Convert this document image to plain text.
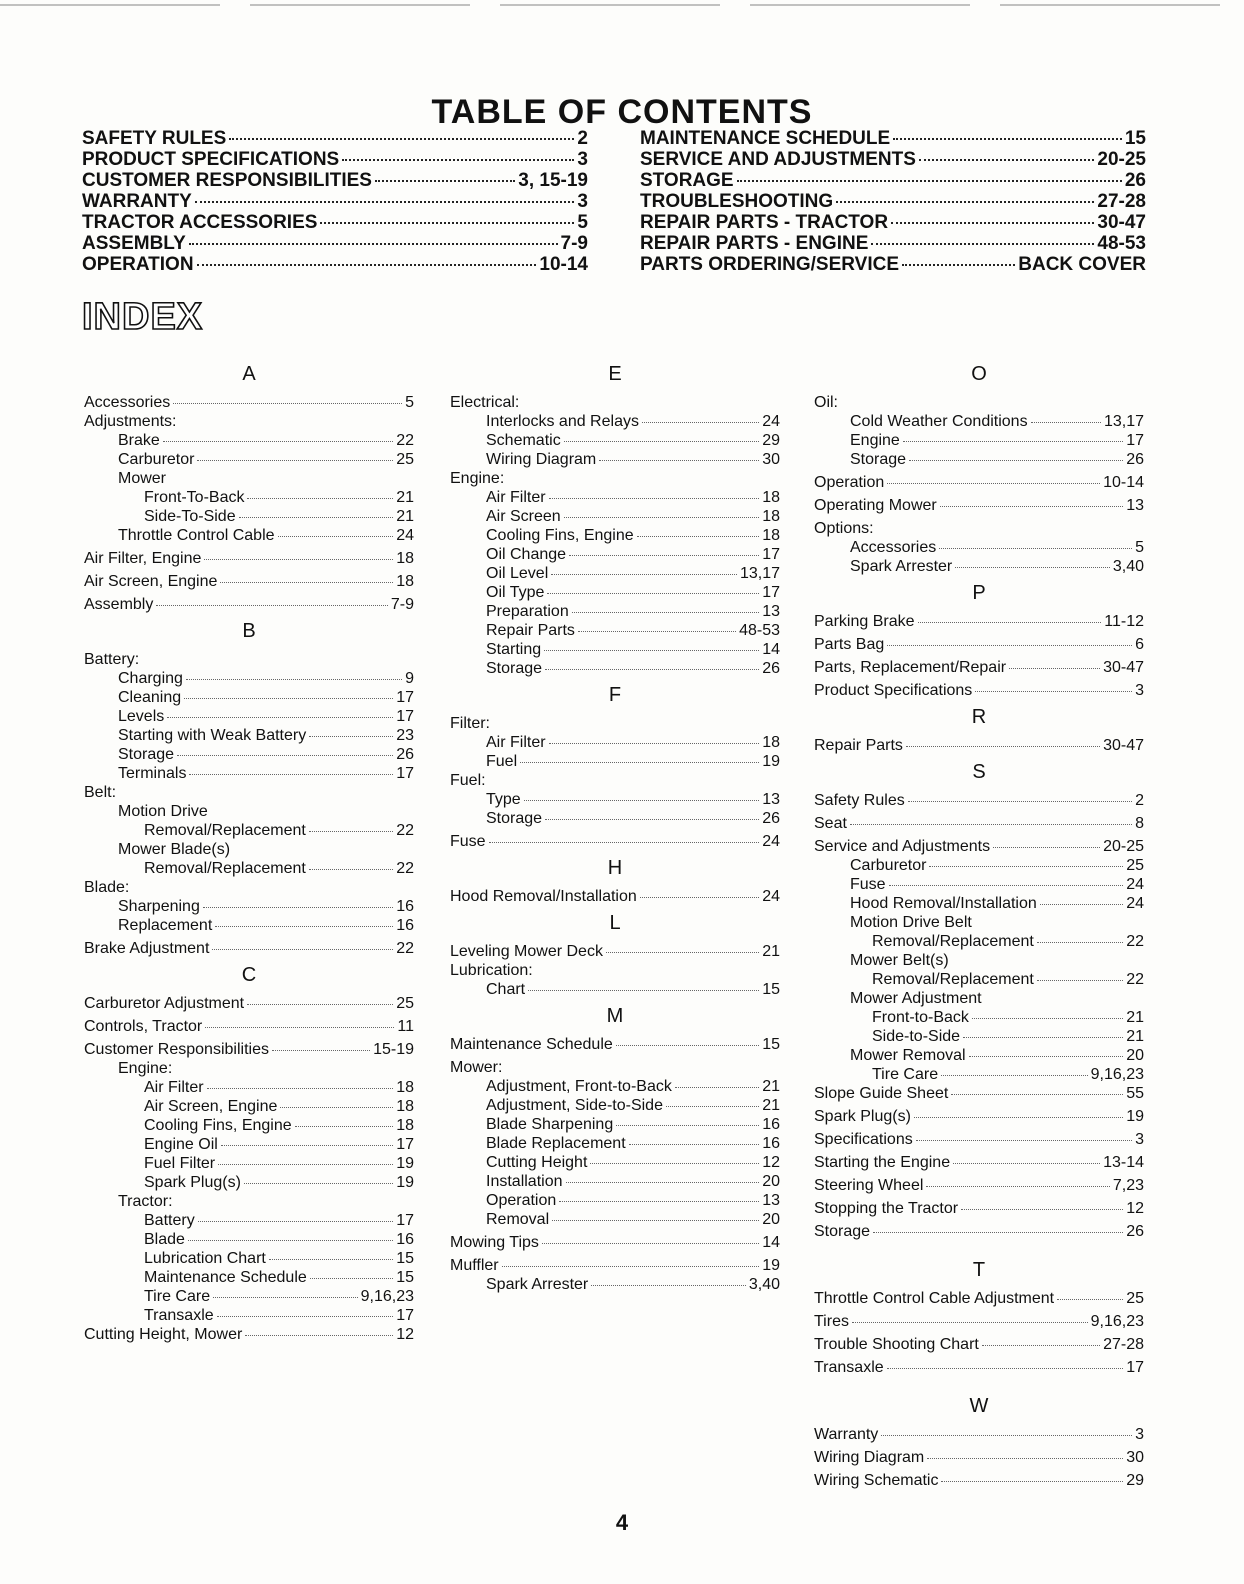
TABLE OF CONTENTS
SAFETY RULES	2
PRODUCT SPECIFICATIONS	3
CUSTOMER RESPONSIBILITIES	3, 15-19
WARRANTY	3
TRACTOR ACCESSORIES	5
ASSEMBLY	7-9
OPERATION	10-14
MAINTENANCE SCHEDULE	15
SERVICE AND ADJUSTMENTS	20-25
STORAGE	26
TROUBLESHOOTING	27-28
REPAIR PARTS - TRACTOR	30-47
REPAIR PARTS - ENGINE	48-53
PARTS ORDERING/SERVICE	BACK COVER
INDEX
A
Accessories	5
Adjustments:
Brake	22
Carburetor	25
Mower
Front-To-Back	21
Side-To-Side	21
Throttle Control Cable	24
Air Filter, Engine	18
Air Screen, Engine	18
Assembly	7-9
B
Battery:
Charging	9
Cleaning	17
Levels	17
Starting with Weak Battery	23
Storage	26
Terminals	17
Belt:
Motion Drive
Removal/Replacement	22
Mower Blade(s)
Removal/Replacement	22
Blade:
Sharpening	16
Replacement	16
Brake Adjustment	22
C
Carburetor Adjustment	25
Controls, Tractor	11
Customer Responsibilities	15-19
Engine:
Air Filter	18
Air Screen, Engine	18
Cooling Fins, Engine	18
Engine Oil	17
Fuel Filter	19
Spark Plug(s)	19
Tractor:
Battery	17
Blade	16
Lubrication Chart	15
Maintenance Schedule	15
Tire Care	9,16,23
Transaxle	17
Cutting Height, Mower	12
E
Electrical:
Interlocks and Relays	24
Schematic	29
Wiring Diagram	30
Engine:
Air Filter	18
Air Screen	18
Cooling Fins, Engine	18
Oil Change	17
Oil Level	13,17
Oil Type	17
Preparation	13
Repair Parts	48-53
Starting	14
Storage	26
F
Filter:
Air Filter	18
Fuel	19
Fuel:
Type	13
Storage	26
Fuse	24
H
Hood Removal/Installation	24
L
Leveling Mower Deck	21
Lubrication:
Chart	15
M
Maintenance Schedule	15
Mower:
Adjustment, Front-to-Back	21
Adjustment, Side-to-Side	21
Blade Sharpening	16
Blade Replacement	16
Cutting Height	12
Installation	20
Operation	13
Removal	20
Mowing Tips	14
Muffler	19
Spark Arrester	3,40
O
Oil:
Cold Weather Conditions	13,17
Engine	17
Storage	26
Operation	10-14
Operating Mower	13
Options:
Accessories	5
Spark Arrester	3,40
P
Parking Brake	11-12
Parts Bag	6
Parts, Replacement/Repair	30-47
Product Specifications	3
R
Repair Parts	30-47
S
Safety Rules	2
Seat	8
Service and Adjustments	20-25
Carburetor	25
Fuse	24
Hood Removal/Installation	24
Motion Drive Belt
Removal/Replacement	22
Mower Belt(s)
Removal/Replacement	22
Mower Adjustment
Front-to-Back	21
Side-to-Side	21
Mower Removal	20
Tire Care	9,16,23
Slope Guide Sheet	55
Spark Plug(s)	19
Specifications	3
Starting the Engine	13-14
Steering Wheel	7,23
Stopping the Tractor	12
Storage	26
T
Throttle Control Cable Adjustment	25
Tires	9,16,23
Trouble Shooting Chart	27-28
Transaxle	17
W
Warranty	3
Wiring Diagram	30
Wiring Schematic	29
4
